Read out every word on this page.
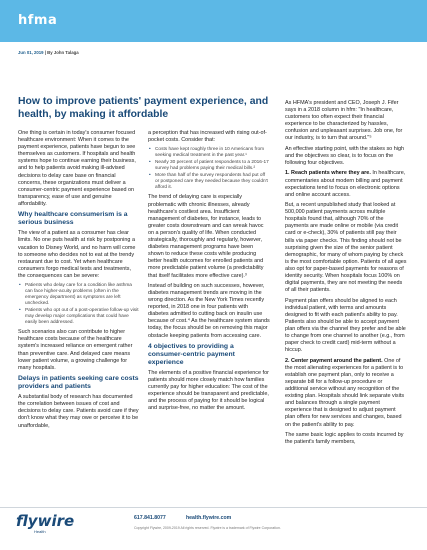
hfma
Jun 01, 2019 | By John Talaga
How to improve patients' payment experience, and health, by making it affordable

One thing is certain in today's consumer focused healthcare environment: When it comes to the payment experience, patients have begun to see themselves as customers. If hospitals and health systems hope to continue earning their business, and to help patients avoid making ill-advised decisions to delay care base on financial concerns, these organizations must deliver a consumer-centric payment experience based on transparency, ease of use and genuine affordability.

Why healthcare consumerism is a serious business

The view of a patient as a consumer has clear limits. No one puts health at risk by postponing a vacation to Disney World, and no harm will come to someone who decides not to eat at the trendy restaurant due to cost. Yet when healthcare consumers forgo medical tests and treatments, the consequences can be severe:

• Patients who delay care for a condition like asthma can face higher-acuity problems (often in the emergency department) as symptoms are left unchecked.
• Patients who opt out of a post-operative follow-up visit may develop major complications that could have easily been addressed.

Such scenarios also can contribute to higher healthcare costs because of the healthcare system's increased reliance on emergent rather than preventive care. And delayed care means lower patient volume, a growing challenge for many hospitals.

Delays in patients seeking care costs providers and patients

A substantial body of research has documented the correlation between issues of cost and decisions to delay care. Patients avoid care if they don't know what they may owe or perceive it to be unaffordable,

a perception that has increased with rising out-of-pocket costs. Consider that:

• Costs have kept roughly three in 10 Americans from seeking medical treatment in the past year.¹
• Nearly 30 percent of patient respondents to a 2016-17 survey had problems paying their medical bills.²
• More than half of the survey respondents had put off or postponed care they needed because they couldn't afford it.

The trend of delaying care is especially problematic with chronic illnesses, already healthcare's costliest area. Insufficient management of diabetes, for instance, leads to greater costs downstream and can wreak havoc on a person's quality of life. When conducted strategically, thoroughly and regularly, however, diabetes management programs have been shown to reduce these costs while producing better health outcomes for enrolled patients and more predictable patient volume (a predictability that itself facilitates more effective care).³

Instead of building on such successes, however, diabetes management trends are moving in the wrong direction. As the New York Times recently reported, in 2018 one in four patients with diabetes admitted to cutting back on insulin use because of cost.⁴ As the healthcare system stands today, the focus should be on removing this major obstacle keeping patients from accessing care.

4 objectives to providing a consumer-centric payment experience

The elements of a positive financial experience for patients should more closely match how families currently pay for higher education: The cost of the experience should be transparent and predictable, and the process of paying for it should be logical and surprise-free, no matter the amount.

As HFMA's president and CEO, Joseph J. Fifer says in a 2018 column in hfm: "In healthcare, customers too often expect their financial experience to be characterized by hassles, confusion and unpleasant surprises. Job one, for our industry, is to turn that around."⁵

An effective starting point, with the stakes so high and the objectives so clear, is to focus on the following four objectives.

1. Reach patients where they are. In healthcare, commentaries about modern billing and payment expectations tend to focus on electronic options and online account access.

But, a recent unpublished study that looked at 500,000 patient payments across multiple hospitals found that, although 70% of the payments are made online or mobile (via credit card or e-check), 30% of patients still pay their bills via paper checks. This finding should not be surprising given the size of the senior patient demographic, for many of whom paying by check is the most comfortable option. Patients of all ages also opt for paper-based payments for reasons of identity security. When hospitals focus 100% on digital payments, they are not meeting the needs of all their patients.

Payment plan offers should be aligned to each individual patient, with terms and amounts designed to fit with each patient's ability to pay. Patients also should be able to accept payment plan offers via the channel they prefer and be able to change from one channel to another (e.g., from paper check to credit card) mid-term without a hiccup.

2. Center payment around the patient. One of the most alienating experiences for a patient is to establish one payment plan, only to receive a separate bill for a follow-up procedure or additional service without any recognition of the existing plan. Hospitals should link separate visits and balances through a single payment experience that is designed to adjust payment plan offers for new services and changes, based on the patient's ability to pay.

The same basic logic applies to costs incurred by the patient's family members,

flywire
Health
617.841.8077	health.flywire.com
Copyright Flywire, 2009-2019 All rights reserved. Flywire is a trademark of Flywire Corporation.
